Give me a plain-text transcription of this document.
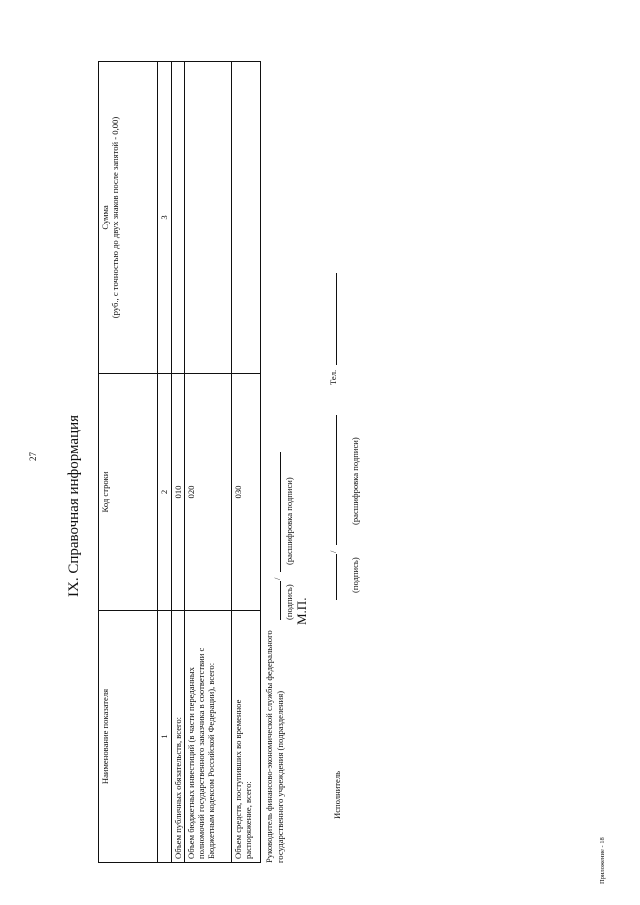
27 IX. Справочная информация
Наименование показателя	Код строки	Сумма
(руб., с точностью до двух знаков после запятой - 0,00)
1	2	3
Объем публичных обязательств, всего:	010	
Объем бюджетных инвестиций (в части переданных
полномочий государственного заказчика в соответствии с
Бюджетным кодексом Российской Федерации), всего:	020	
Объем средств, поступивших во временное
распоряжение, всего:	030	
Руководитель финансово-экономической службы федерального государственного учреждения (подразделения)
/
(подпись)
(расшифровка подписи)
М.П.
Исполнитель
/
Тел.
(подпись)
(расшифровка подписи)
Приложение - 18
